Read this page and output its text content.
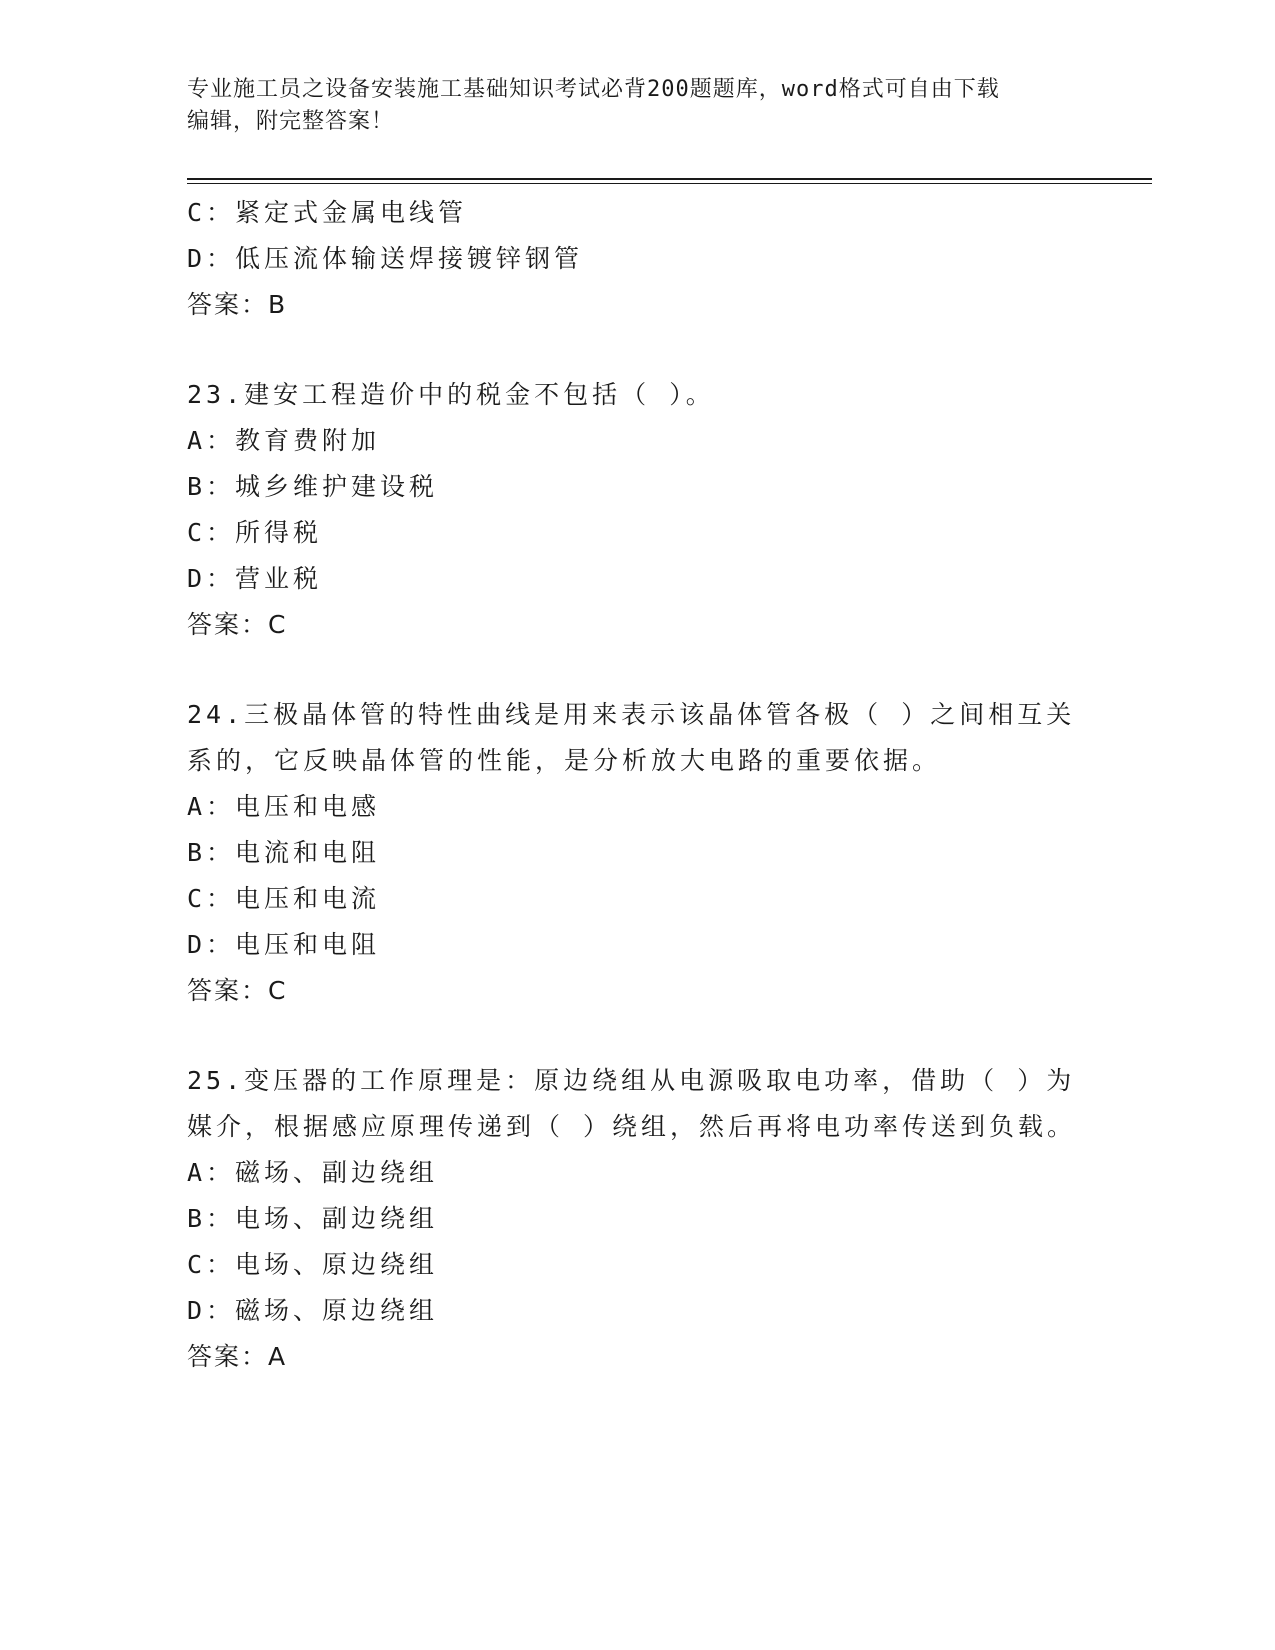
专业施工员之设备安装施工基础知识考试必背200题题库，word格式可自由下载
编辑，附完整答案！
C：紧定式金属电线管
D：低压流体输送焊接镀锌钢管
答案：B
23.建安工程造价中的税金不包括（ ）。
A：教育费附加
B：城乡维护建设税
C：所得税
D：营业税
答案：C
24.三极晶体管的特性曲线是用来表示该晶体管各极（ ）之间相互关
系的，它反映晶体管的性能，是分析放大电路的重要依据。
A：电压和电感
B：电流和电阻
C：电压和电流
D：电压和电阻
答案：C
25.变压器的工作原理是：原边绕组从电源吸取电功率，借助（ ）为
媒介，根据感应原理传递到（ ）绕组，然后再将电功率传送到负载。
A：磁场、副边绕组
B：电场、副边绕组
C：电场、原边绕组
D：磁场、原边绕组
答案：A
